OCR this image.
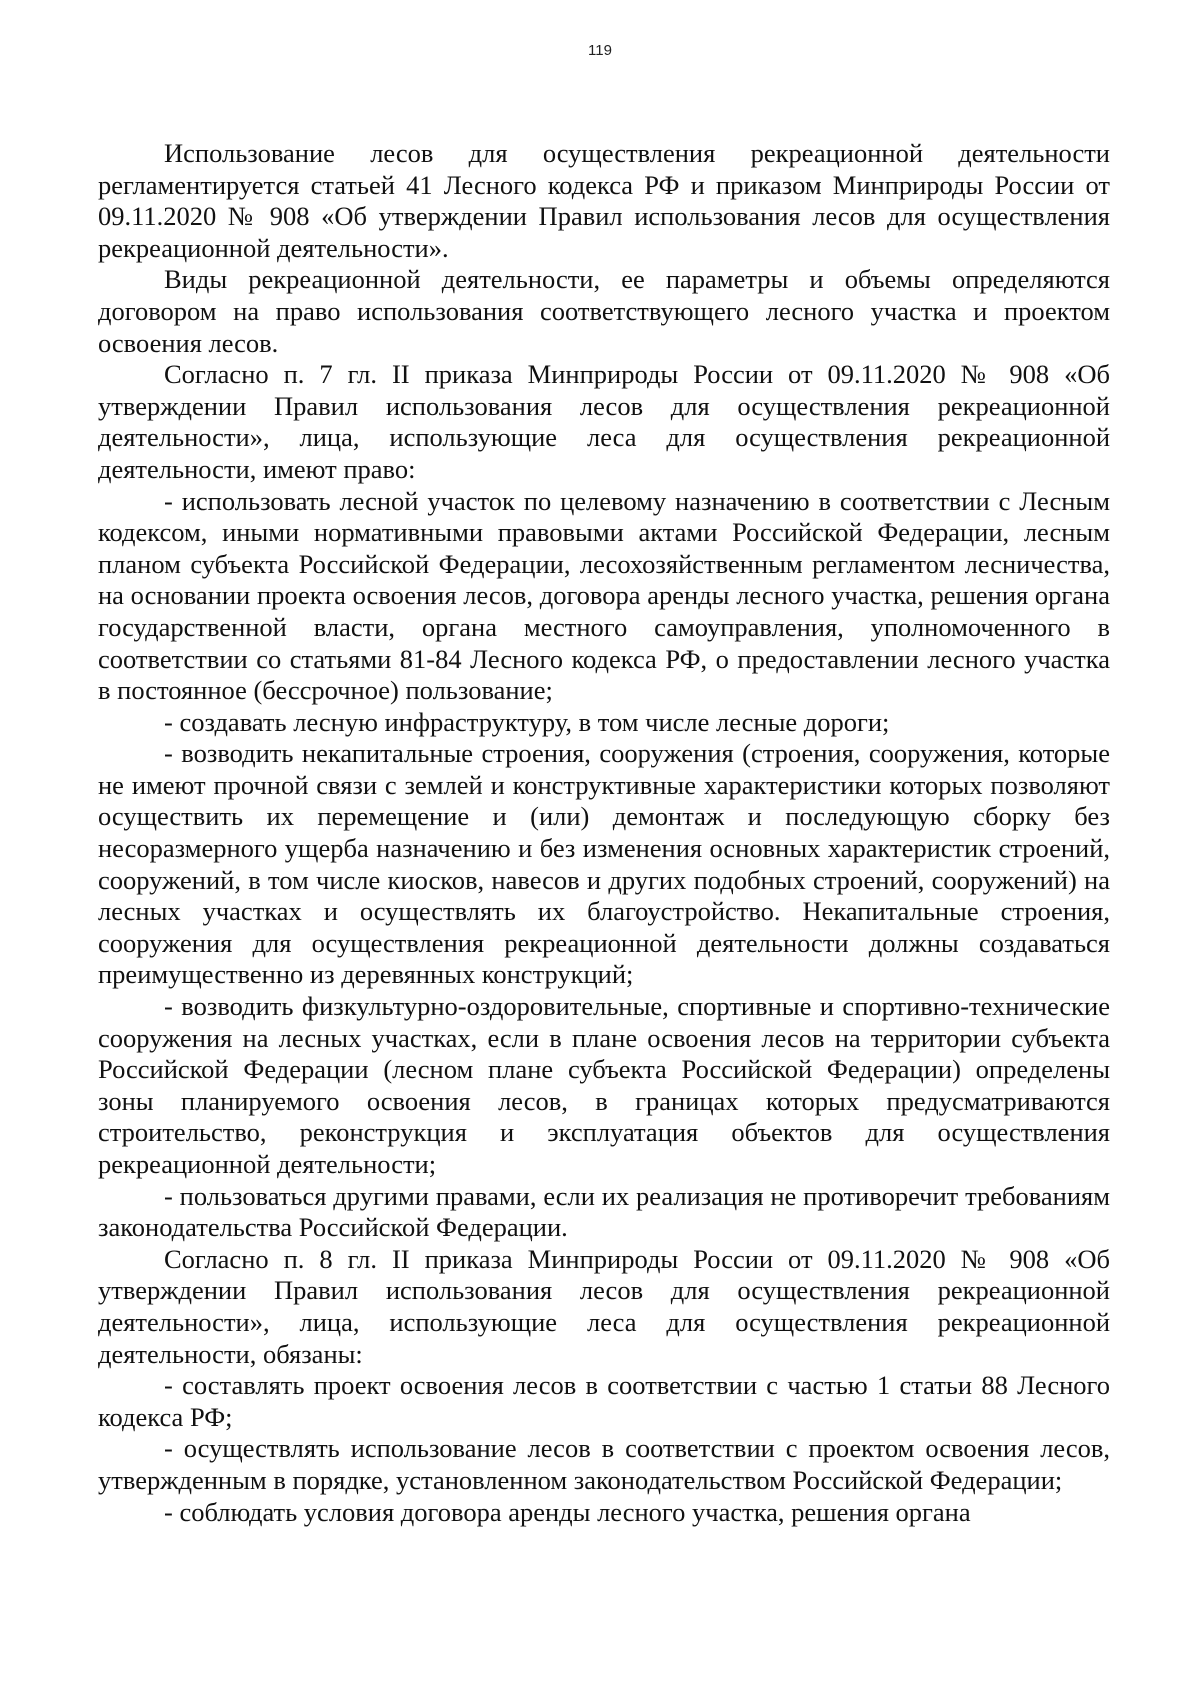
119

Использование лесов для осуществления рекреационной деятельности регламентируется статьей 41 Лесного кодекса РФ и приказом Минприроды России от 09.11.2020 № 908 «Об утверждении Правил использования лесов для осуществления рекреационной деятельности».

Виды рекреационной деятельности, ее параметры и объемы определяются договором на право использования соответствующего лесного участка и проектом освоения лесов.

Согласно п. 7 гл. II приказа Минприроды России от 09.11.2020 № 908 «Об утверждении Правил использования лесов для осуществления рекреационной деятельности», лица, использующие леса для осуществления рекреационной деятельности, имеют право:

- использовать лесной участок по целевому назначению в соответствии с Лесным кодексом, иными нормативными правовыми актами Российской Федерации, лесным планом субъекта Российской Федерации, лесохозяйственным регламентом лесничества, на основании проекта освоения лесов, договора аренды лесного участка, решения органа государственной власти, органа местного самоуправления, уполномоченного в соответствии со статьями 81-84 Лесного кодекса РФ, о предоставлении лесного участка в постоянное (бессрочное) пользование;

- создавать лесную инфраструктуру, в том числе лесные дороги;

- возводить некапитальные строения, сооружения (строения, сооружения, которые не имеют прочной связи с землей и конструктивные характеристики которых позволяют осуществить их перемещение и (или) демонтаж и последующую сборку без несоразмерного ущерба назначению и без изменения основных характеристик строений, сооружений, в том числе киосков, навесов и других подобных строений, сооружений) на лесных участках и осуществлять их благоустройство. Некапитальные строения, сооружения для осуществления рекреационной деятельности должны создаваться преимущественно из деревянных конструкций;

- возводить физкультурно-оздоровительные, спортивные и спортивно-технические сооружения на лесных участках, если в плане освоения лесов на территории субъекта Российской Федерации (лесном плане субъекта Российской Федерации) определены зоны планируемого освоения лесов, в границах которых предусматриваются строительство, реконструкция и эксплуатация объектов для осуществления рекреационной деятельности;

- пользоваться другими правами, если их реализация не противоречит требованиям законодательства Российской Федерации.

Согласно п. 8 гл. II приказа Минприроды России от 09.11.2020 № 908 «Об утверждении Правил использования лесов для осуществления рекреационной деятельности», лица, использующие леса для осуществления рекреационной деятельности, обязаны:

- составлять проект освоения лесов в соответствии с частью 1 статьи 88 Лесного кодекса РФ;

- осуществлять использование лесов в соответствии с проектом освоения лесов, утвержденным в порядке, установленном законодательством Российской Федерации;

- соблюдать условия договора аренды лесного участка, решения органа
